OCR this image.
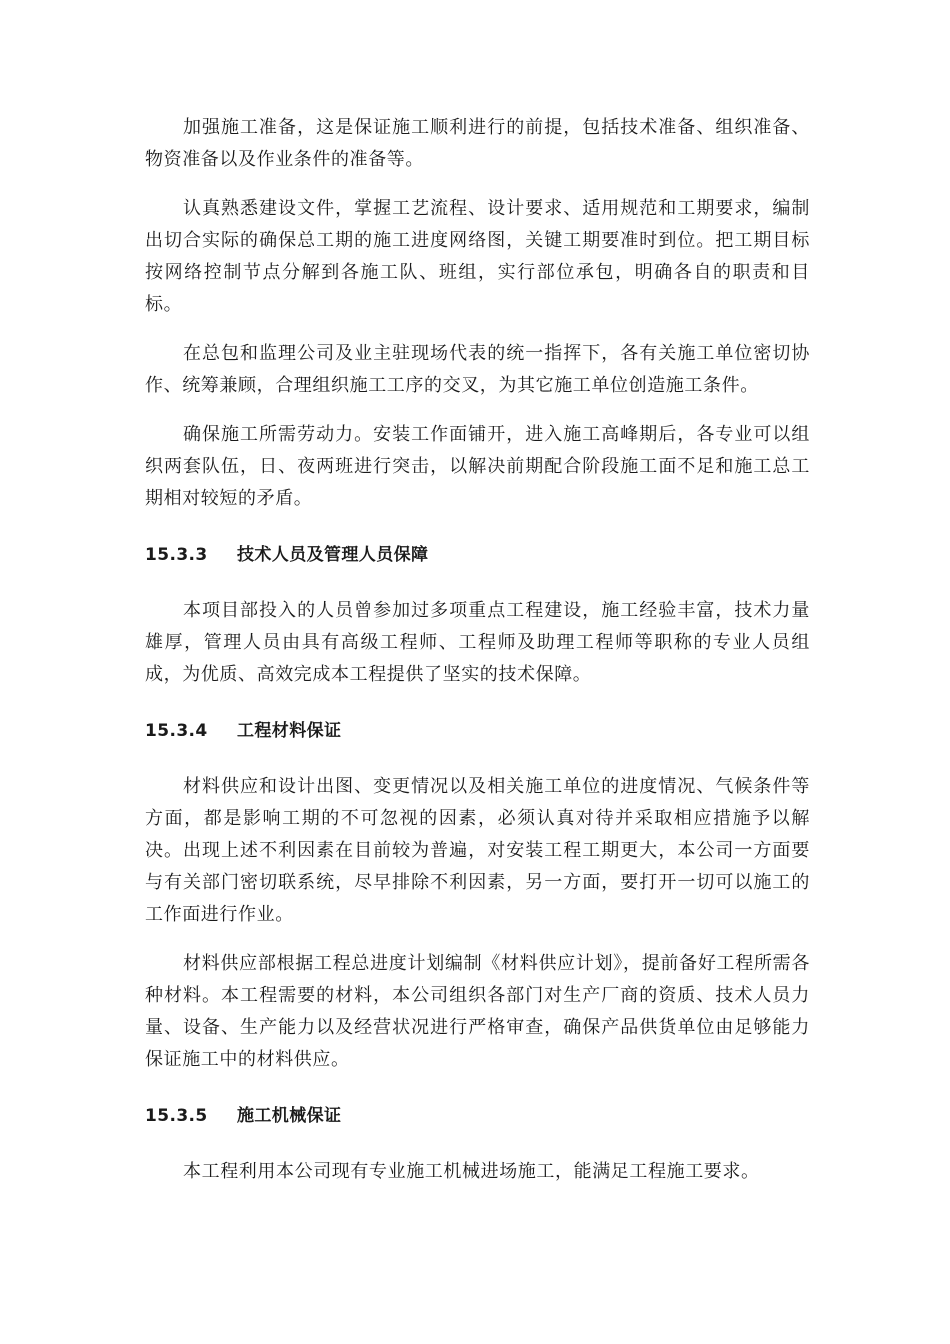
加强施工准备，这是保证施工顺利进行的前提，包括技术准备、组织准备、物资准备以及作业条件的准备等。

认真熟悉建设文件，掌握工艺流程、设计要求、适用规范和工期要求，编制出切合实际的确保总工期的施工进度网络图，关键工期要准时到位。把工期目标按网络控制节点分解到各施工队、班组，实行部位承包，明确各自的职责和目标。

在总包和监理公司及业主驻现场代表的统一指挥下，各有关施工单位密切协作、统筹兼顾，合理组织施工工序的交叉，为其它施工单位创造施工条件。

确保施工所需劳动力。安装工作面铺开，进入施工高峰期后，各专业可以组织两套队伍，日、夜两班进行突击，以解决前期配合阶段施工面不足和施工总工期相对较短的矛盾。

15.3.3 技术人员及管理人员保障

本项目部投入的人员曾参加过多项重点工程建设，施工经验丰富，技术力量雄厚，管理人员由具有高级工程师、工程师及助理工程师等职称的专业人员组成，为优质、高效完成本工程提供了坚实的技术保障。

15.3.4 工程材料保证

材料供应和设计出图、变更情况以及相关施工单位的进度情况、气候条件等方面，都是影响工期的不可忽视的因素，必须认真对待并采取相应措施予以解决。出现上述不利因素在目前较为普遍，对安装工程工期更大，本公司一方面要与有关部门密切联系统，尽早排除不利因素，另一方面，要打开一切可以施工的工作面进行作业。

材料供应部根据工程总进度计划编制《材料供应计划》，提前备好工程所需各种材料。本工程需要的材料，本公司组织各部门对生产厂商的资质、技术人员力量、设备、生产能力以及经营状况进行严格审查，确保产品供货单位由足够能力保证施工中的材料供应。

15.3.5 施工机械保证

本工程利用本公司现有专业施工机械进场施工，能满足工程施工要求。
